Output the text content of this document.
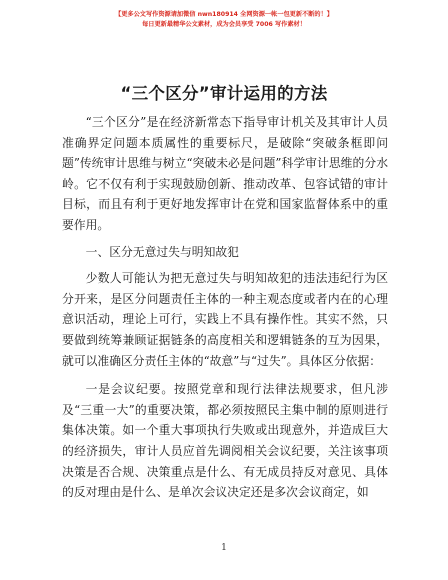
【更多公文写作资源请加微信 nwn180914 全网资源一帐一包更新不断的！】
每日更新最精华公文素材，成为会员享受 7006 写作素材！
“三个区分”审计运用的方法

“三个区分”是在经济新常态下指导审计机关及其审计人员准确界定问题本质属性的重要标尺，是破除“突破条框即问题”传统审计思维与树立“突破未必是问题”科学审计思维的分水岭。它不仅有利于实现鼓励创新、推动改革、包容试错的审计目标，而且有利于更好地发挥审计在党和国家监督体系中的重要作用。

一、区分无意过失与明知故犯

少数人可能认为把无意过失与明知故犯的违法违纪行为区分开来，是区分问题责任主体的一种主观态度或者内在的心理意识活动，理论上可行，实践上不具有操作性。其实不然，只要做到统筹兼顾证据链条的高度相关和逻辑链条的互为因果，就可以准确区分责任主体的“故意”与“过失”。具体区分依据：

一是会议纪要。按照党章和现行法律法规要求，但凡涉及“三重一大”的重要决策，都必须按照民主集中制的原则进行集体决策。如一个重大事项执行失败或出现意外，并造成巨大的经济损失，审计人员应首先调阅相关会议纪要，关注该事项决策是否合规、决策重点是什么、有无成员持反对意见、具体的反对理由是什么、是单次会议决定还是多次会议商定，如

1
